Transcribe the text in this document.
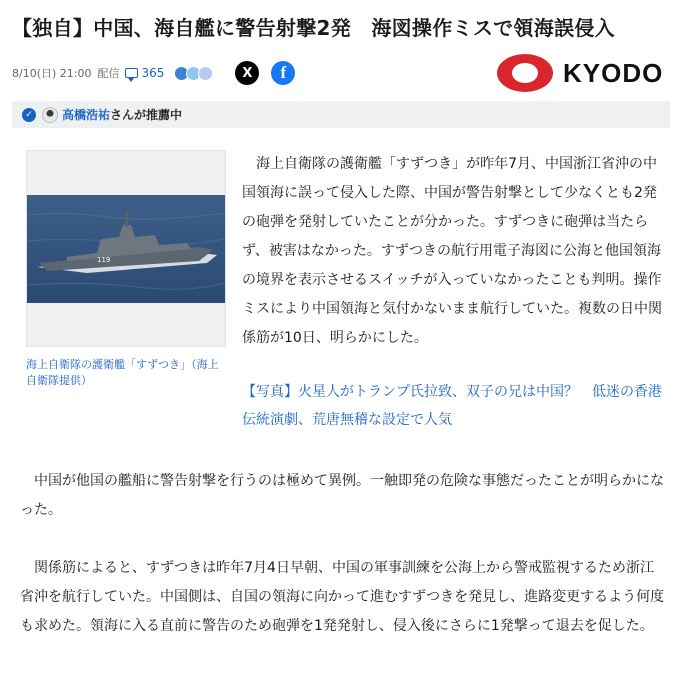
【独自】中国、海自艦に警告射撃2発　海図操作ミスで領海誤侵入
8/10(日) 21:00 配信 365	X	f	KYODO
✓ 高橋浩祐 さんが推薦中
119
海上自衛隊の護衛艦「すずつき」（海上自衛隊提供）

海上自衛隊の護衛艦「すずつき」が昨年7月、中国浙江省沖の中国領海に誤って侵入した際、中国が警告射撃として少なくとも2発の砲弾を発射していたことが分かった。すずつきに砲弾は当たらず、被害はなかった。すずつきの航行用電子海図に公海と他国領海の境界を表示させるスイッチが入っていなかったことも判明。操作ミスにより中国領海と気付かないまま航行していた。複数の日中関係筋が10日、明らかにした。

【写真】火星人がトランプ氏拉致、双子の兄は中国？　低迷の香港伝統演劇、荒唐無稽な設定で人気

中国が他国の艦船に警告射撃を行うのは極めて異例。一触即発の危険な事態だったことが明らかになった。

関係筋によると、すずつきは昨年7月4日早朝、中国の軍事訓練を公海上から警戒監視するため浙江省沖を航行していた。中国側は、自国の領海に向かって進むすずつきを発見し、進路変更するよう何度も求めた。領海に入る直前に警告のため砲弾を1発発射し、侵入後にさらに1発撃って退去を促した。
